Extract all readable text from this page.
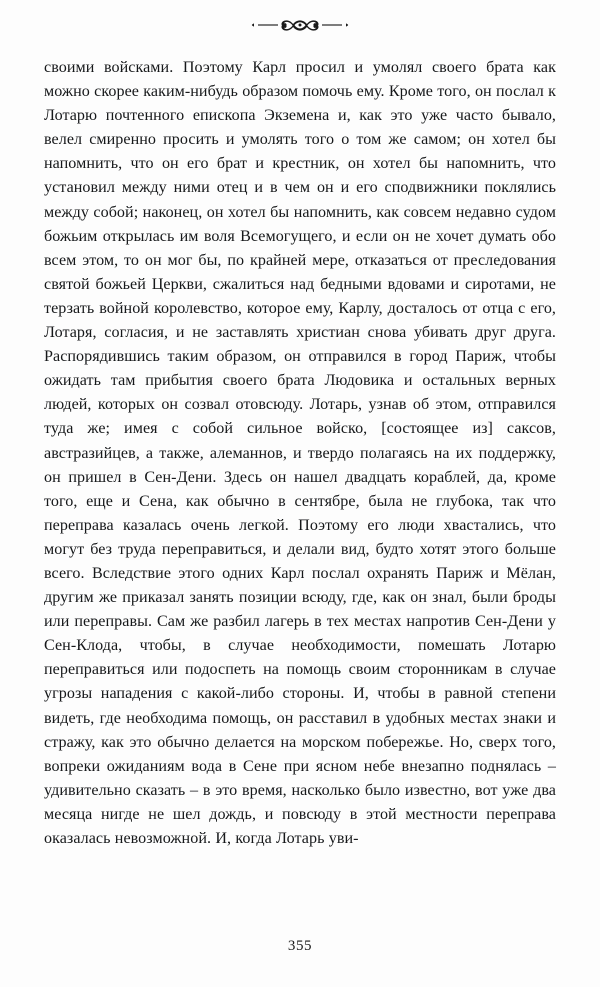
своими войсками. Поэтому Карл просил и умолял своего брата как можно скорее каким-нибудь образом помочь ему. Кроме того, он послал к Лотарю почтенного епископа Экземена и, как это уже часто бывало, велел смиренно просить и умолять того о том же самом; он хотел бы напомнить, что он его брат и крестник, он хотел бы напомнить, что установил между ними отец и в чем он и его сподвижники поклялись между собой; наконец, он хотел бы напомнить, как совсем недавно судом божьим открылась им воля Всемогущего, и если он не хочет думать обо всем этом, то он мог бы, по крайней мере, отказаться от преследования святой божьей Церкви, сжалиться над бедными вдовами и сиротами, не терзать войной королевство, которое ему, Карлу, досталось от отца с его, Лотаря, согласия, и не заставлять христиан снова убивать друг друга. Распорядившись таким образом, он отправился в город Париж, чтобы ожидать там прибытия своего брата Людовика и остальных верных людей, которых он созвал отовсюду. Лотарь, узнав об этом, отправился туда же; имея с собой сильное войско, [состоящее из] саксов, австразийцев, а также, алеманнов, и твердо полагаясь на их поддержку, он пришел в Сен-Дени. Здесь он нашел двадцать кораблей, да, кроме того, еще и Сена, как обычно в сентябре, была не глубока, так что переправа казалась очень легкой. Поэтому его люди хвастались, что могут без труда переправиться, и делали вид, будто хотят этого больше всего. Вследствие этого одних Карл послал охранять Париж и Мёлан, другим же приказал занять позиции всюду, где, как он знал, были броды или переправы. Сам же разбил лагерь в тех местах напротив Сен-Дени у Сен-Клода, чтобы, в случае необходимости, помешать Лотарю переправиться или подоспеть на помощь своим сторонникам в случае угрозы нападения с какой-либо стороны. И, чтобы в равной степени видеть, где необходима помощь, он расставил в удобных местах знаки и стражу, как это обычно делается на морском побережье. Но, сверх того, вопреки ожиданиям вода в Сене при ясном небе внезапно поднялась – удивительно сказать – в это время, насколько было известно, вот уже два месяца нигде не шел дождь, и повсюду в этой местности переправа оказалась невозможной. И, когда Лотарь уви-

355
